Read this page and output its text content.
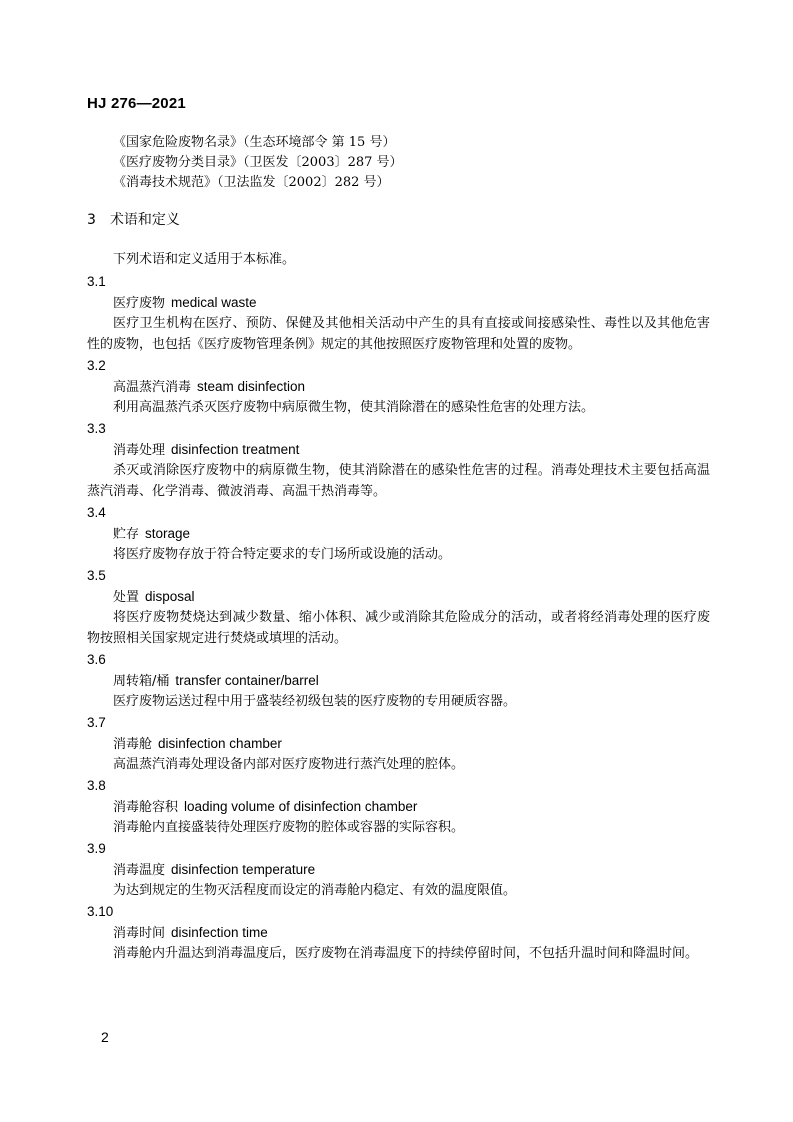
HJ 276—2021
《国家危险废物名录》（生态环境部令 第 15 号）
《医疗废物分类目录》（卫医发〔2003〕287 号）
《消毒技术规范》（卫法监发〔2002〕282 号）
3 术语和定义
下列术语和定义适用于本标准。
3.1
医疗废物 medical waste

医疗卫生机构在医疗、预防、保健及其他相关活动中产生的具有直接或间接感染性、毒性以及其他危害性的废物，也包括《医疗废物管理条例》规定的其他按照医疗废物管理和处置的废物。

3.2
高温蒸汽消毒 steam disinfection

利用高温蒸汽杀灭医疗废物中病原微生物，使其消除潜在的感染性危害的处理方法。

3.3
消毒处理 disinfection treatment

杀灭或消除医疗废物中的病原微生物，使其消除潜在的感染性危害的过程。消毒处理技术主要包括高温蒸汽消毒、化学消毒、微波消毒、高温干热消毒等。

3.4
贮存 storage

将医疗废物存放于符合特定要求的专门场所或设施的活动。

3.5
处置 disposal

将医疗废物焚烧达到减少数量、缩小体积、减少或消除其危险成分的活动，或者将经消毒处理的医疗废物按照相关国家规定进行焚烧或填埋的活动。

3.6
周转箱/桶 transfer container/barrel

医疗废物运送过程中用于盛装经初级包装的医疗废物的专用硬质容器。

3.7
消毒舱 disinfection chamber

高温蒸汽消毒处理设备内部对医疗废物进行蒸汽处理的腔体。

3.8
消毒舱容积 loading volume of disinfection chamber

消毒舱内直接盛装待处理医疗废物的腔体或容器的实际容积。

3.9
消毒温度 disinfection temperature

为达到规定的生物灭活程度而设定的消毒舱内稳定、有效的温度限值。

3.10
消毒时间 disinfection time

消毒舱内升温达到消毒温度后，医疗废物在消毒温度下的持续停留时间，不包括升温时间和降温时间。

2
